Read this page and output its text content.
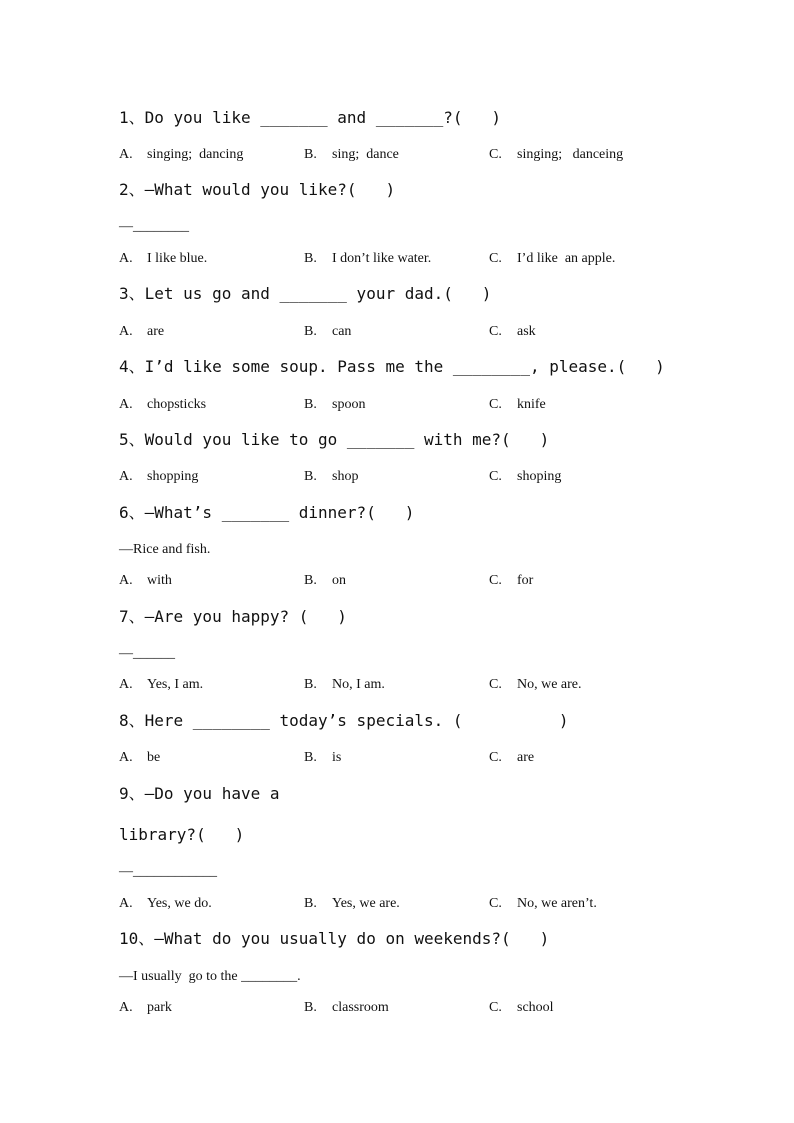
1、Do you like _______ and _______?(   )
A. singing;  dancing	B. sing;  dance	C. singing;   danceing
2、—What would you like?(   )
—________
A. I like blue.	B. I don’t like water.	C. I’d like  an apple.
3、Let us go and _______ your dad.(   )
A. are	B. can	C. ask
4、I’d like some soup. Pass me the ________, please.(   )
A. chopsticks	B. spoon	C. knife
5、Would you like to go _______ with me?(   )
A. shopping	B. shop	C. shoping
6、—What’s _______ dinner?(   )
—Rice and fish.
A. with	B. on	C. for
7、—Are you happy? (   )
—______
A. Yes, I am.	B. No, I am.	C. No, we are.
8、Here ________ today’s specials. (          )
A. be	B. is	C. are
9、—Do you have a
library?(   )
—____________
A. Yes, we do.	B. Yes, we are.	C. No, we aren’t.
10、—What do you usually do on weekends?(   )
—I usually  go to the ________.
A. park	B. classroom	C. school
